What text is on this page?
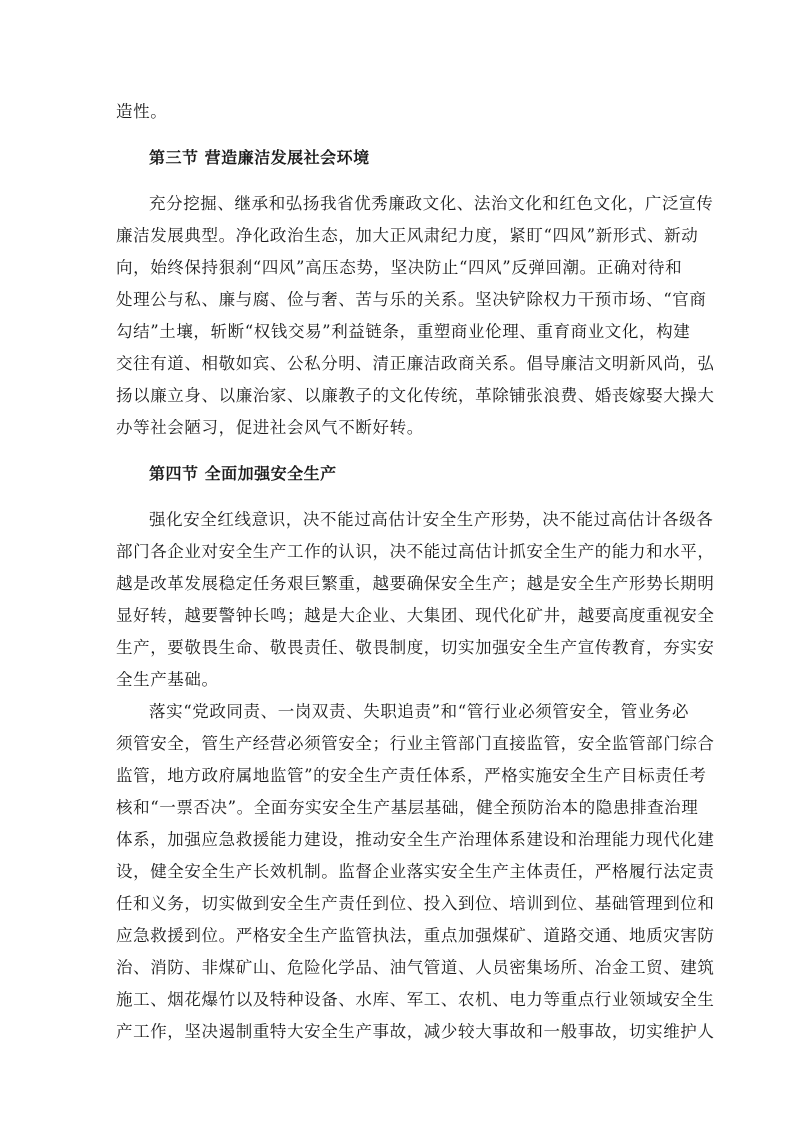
造性。
第三节 营造廉洁发展社会环境
充分挖掘、继承和弘扬我省优秀廉政文化、法治文化和红色文化，广泛宣传
廉洁发展典型。净化政治生态，加大正风肃纪力度，紧盯“四风”新形式、新动
向，始终保持狠刹“四风”高压态势，坚决防止“四风”反弹回潮。正确对待和
处理公与私、廉与腐、俭与奢、苦与乐的关系。坚决铲除权力干预市场、“官商
勾结”土壤，斩断“权钱交易”利益链条，重塑商业伦理、重育商业文化，构建
交往有道、相敬如宾、公私分明、清正廉洁政商关系。倡导廉洁文明新风尚，弘
扬以廉立身、以廉治家、以廉教子的文化传统，革除铺张浪费、婚丧嫁娶大操大
办等社会陋习，促进社会风气不断好转。
第四节 全面加强安全生产
强化安全红线意识，决不能过高估计安全生产形势，决不能过高估计各级各
部门各企业对安全生产工作的认识，决不能过高估计抓安全生产的能力和水平，
越是改革发展稳定任务艰巨繁重，越要确保安全生产；越是安全生产形势长期明
显好转，越要警钟长鸣；越是大企业、大集团、现代化矿井，越要高度重视安全
生产，要敬畏生命、敬畏责任、敬畏制度，切实加强安全生产宣传教育，夯实安
全生产基础。
落实“党政同责、一岗双责、失职追责”和“管行业必须管安全，管业务必
须管安全，管生产经营必须管安全；行业主管部门直接监管，安全监管部门综合
监管，地方政府属地监管”的安全生产责任体系，严格实施安全生产目标责任考
核和“一票否决”。全面夯实安全生产基层基础，健全预防治本的隐患排查治理
体系，加强应急救援能力建设，推动安全生产治理体系建设和治理能力现代化建
设，健全安全生产长效机制。监督企业落实安全生产主体责任，严格履行法定责
任和义务，切实做到安全生产责任到位、投入到位、培训到位、基础管理到位和
应急救援到位。严格安全生产监管执法，重点加强煤矿、道路交通、地质灾害防
治、消防、非煤矿山、危险化学品、油气管道、人员密集场所、冶金工贸、建筑
施工、烟花爆竹以及特种设备、水库、军工、农机、电力等重点行业领域安全生
产工作，坚决遏制重特大安全生产事故，减少较大事故和一般事故，切实维护人
